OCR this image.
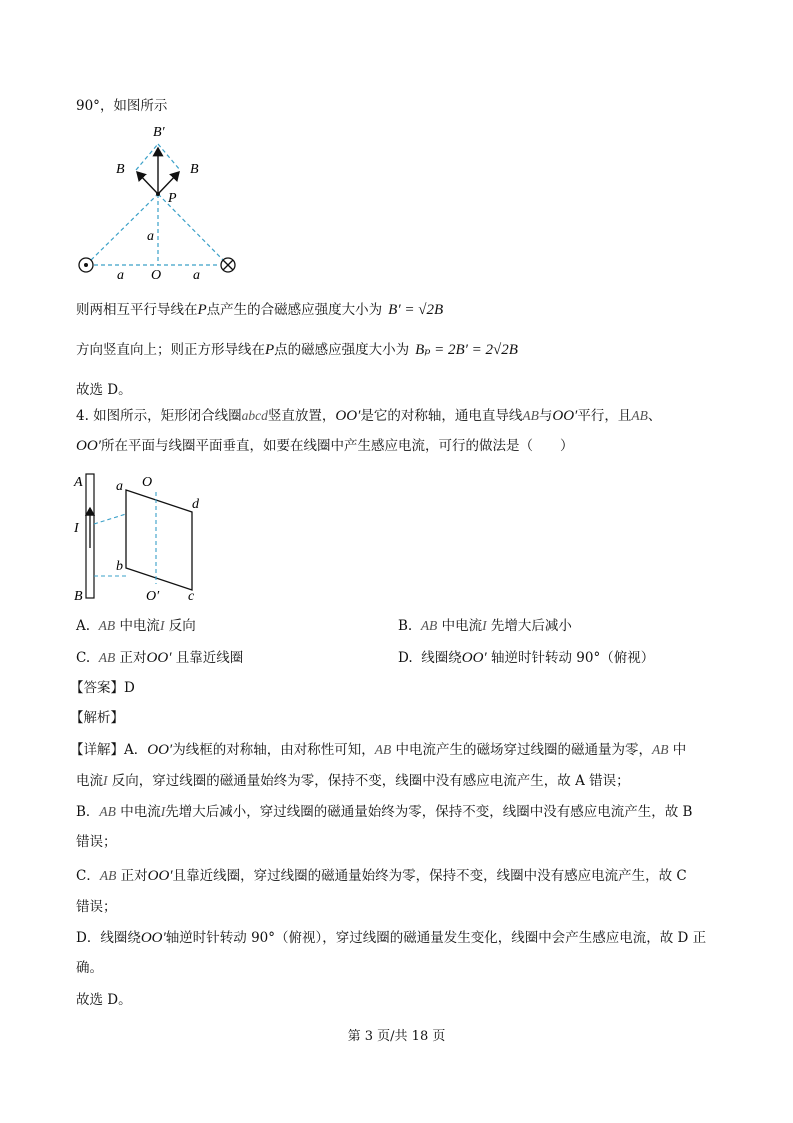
90°，如图所示
B′
B	B
P
a
a O a
则两相互平行导线在P点产生的合磁感应强度大小为 B′ = √2B
方向竖直向上；则正方形导线在P点的磁感应强度大小为 Bₚ = 2B′ = 2√2B
故选 D。
4. 如图所示，矩形闭合线圈abcd竖直放置，OO′是它的对称轴，通电直导线AB与OO′平行，且AB、
OO′所在平面与线圈平面垂直，如要在线圈中产生感应电流，可行的做法是（　　）
A a O
d
I
b
B	O′ c
A. AB 中电流I 反向	B. AB 中电流I 先增大后减小
C. AB 正对OO′ 且靠近线圈	D. 线圈绕OO′ 轴逆时针转动 90°（俯视）
【答案】D
【解析】
【详解】A．OO′为线框的对称轴，由对称性可知，AB 中电流产生的磁场穿过线圈的磁通量为零，AB 中
电流I 反向，穿过线圈的磁通量始终为零，保持不变，线圈中没有感应电流产生，故 A 错误；
B．AB 中电流I先增大后减小，穿过线圈的磁通量始终为零，保持不变，线圈中没有感应电流产生，故 B
错误；
C．AB 正对OO′且靠近线圈，穿过线圈的磁通量始终为零，保持不变，线圈中没有感应电流产生，故 C
错误；
D．线圈绕OO′轴逆时针转动 90°（俯视），穿过线圈的磁通量发生变化，线圈中会产生感应电流，故 D 正
确。
故选 D。
第 3 页/共 18 页
